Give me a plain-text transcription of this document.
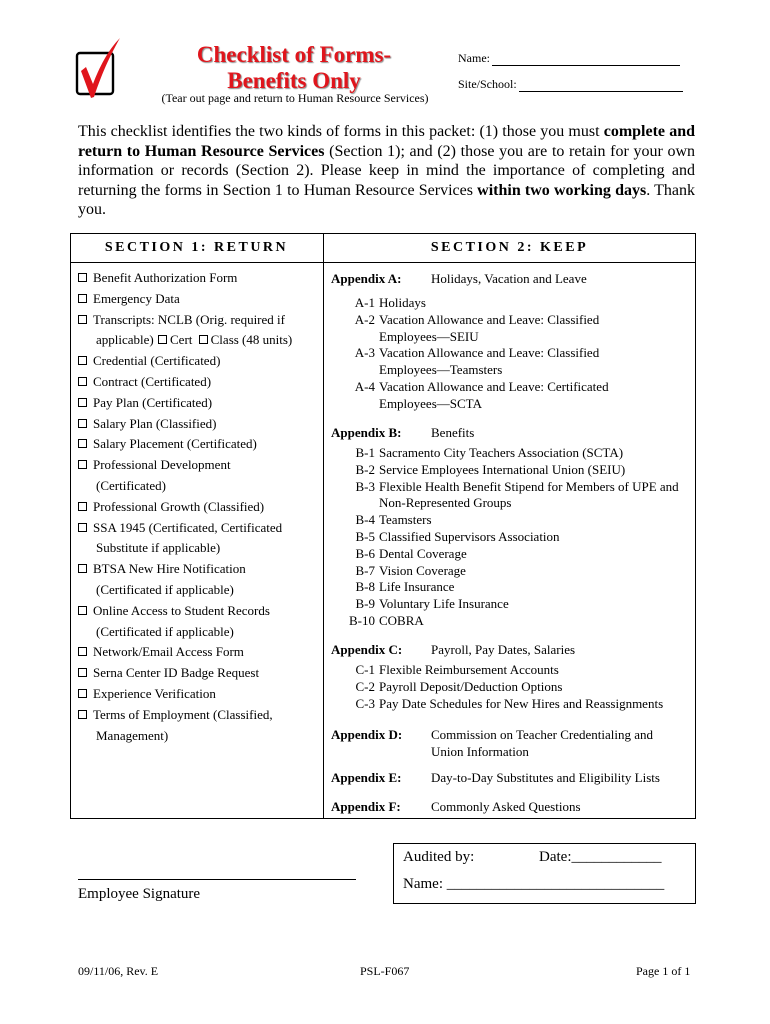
Checklist of Forms-
Benefits Only
(Tear out page and return to Human Resource Services)
Name:
Site/School:
This checklist identifies the two kinds of forms in this packet: (1) those you must complete and return to Human Resource Services (Section 1); and (2) those you are to retain for your own information or records (Section 2). Please keep in mind the importance of completing and returning the forms in Section 1 to Human Resource Services within two working days. Thank you.
SECTION 1: RETURN	SECTION 2: KEEP
Benefit Authorization Form
Emergency Data
Transcripts: NCLB (Orig. required if applicable) Cert Class (48 units)
Credential (Certificated)
Contract (Certificated)
Pay Plan (Certificated)
Salary Plan (Classified)
Salary Placement (Certificated)
Professional Development (Certificated)
Professional Growth (Classified)
SSA 1945 (Certificated, Certificated Substitute if applicable)
BTSA New Hire Notification (Certificated if applicable)
Online Access to Student Records (Certificated if applicable)
Network/Email Access Form
Serna Center ID Badge Request
Experience Verification
Terms of Employment (Classified, Management)
Appendix A: Holidays, Vacation and Leave
A-1 Holidays
A-2 Vacation Allowance and Leave: Classified Employees—SEIU
A-3 Vacation Allowance and Leave: Classified Employees—Teamsters
A-4 Vacation Allowance and Leave: Certificated Employees—SCTA
Appendix B: Benefits
B-1 Sacramento City Teachers Association (SCTA)
B-2 Service Employees International Union (SEIU)
B-3 Flexible Health Benefit Stipend for Members of UPE and Non-Represented Groups
B-4 Teamsters
B-5 Classified Supervisors Association
B-6 Dental Coverage
B-7 Vision Coverage
B-8 Life Insurance
B-9 Voluntary Life Insurance
B-10 COBRA
Appendix C: Payroll, Pay Dates, Salaries
C-1 Flexible Reimbursement Accounts
C-2 Payroll Deposit/Deduction Options
C-3 Pay Date Schedules for New Hires and Reassignments
Appendix D:	Commission on Teacher Credentialing and Union Information
Appendix E: Day-to-Day Substitutes and Eligibility Lists
Appendix F: Commonly Asked Questions
Audited by:	Date:____________
Name: _____________________________
Employee Signature
09/11/06, Rev. E	PSL-F067	Page 1 of 1
